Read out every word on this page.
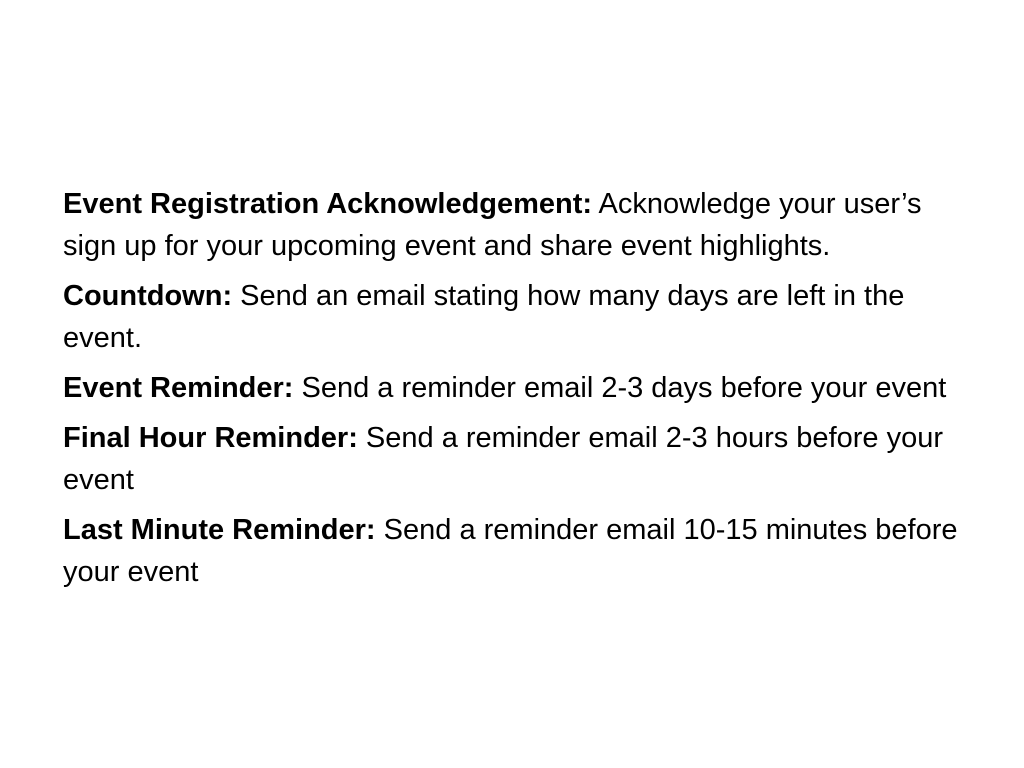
Event Registration Acknowledgement: Acknowledge your user’s sign up for your upcoming event and share event highlights.

Countdown: Send an email stating how many days are left in the event.

Event Reminder: Send a reminder email 2-3 days before your event

Final Hour Reminder: Send a reminder email 2-3 hours before your event

Last Minute Reminder: Send a reminder email 10-15 minutes before your event
